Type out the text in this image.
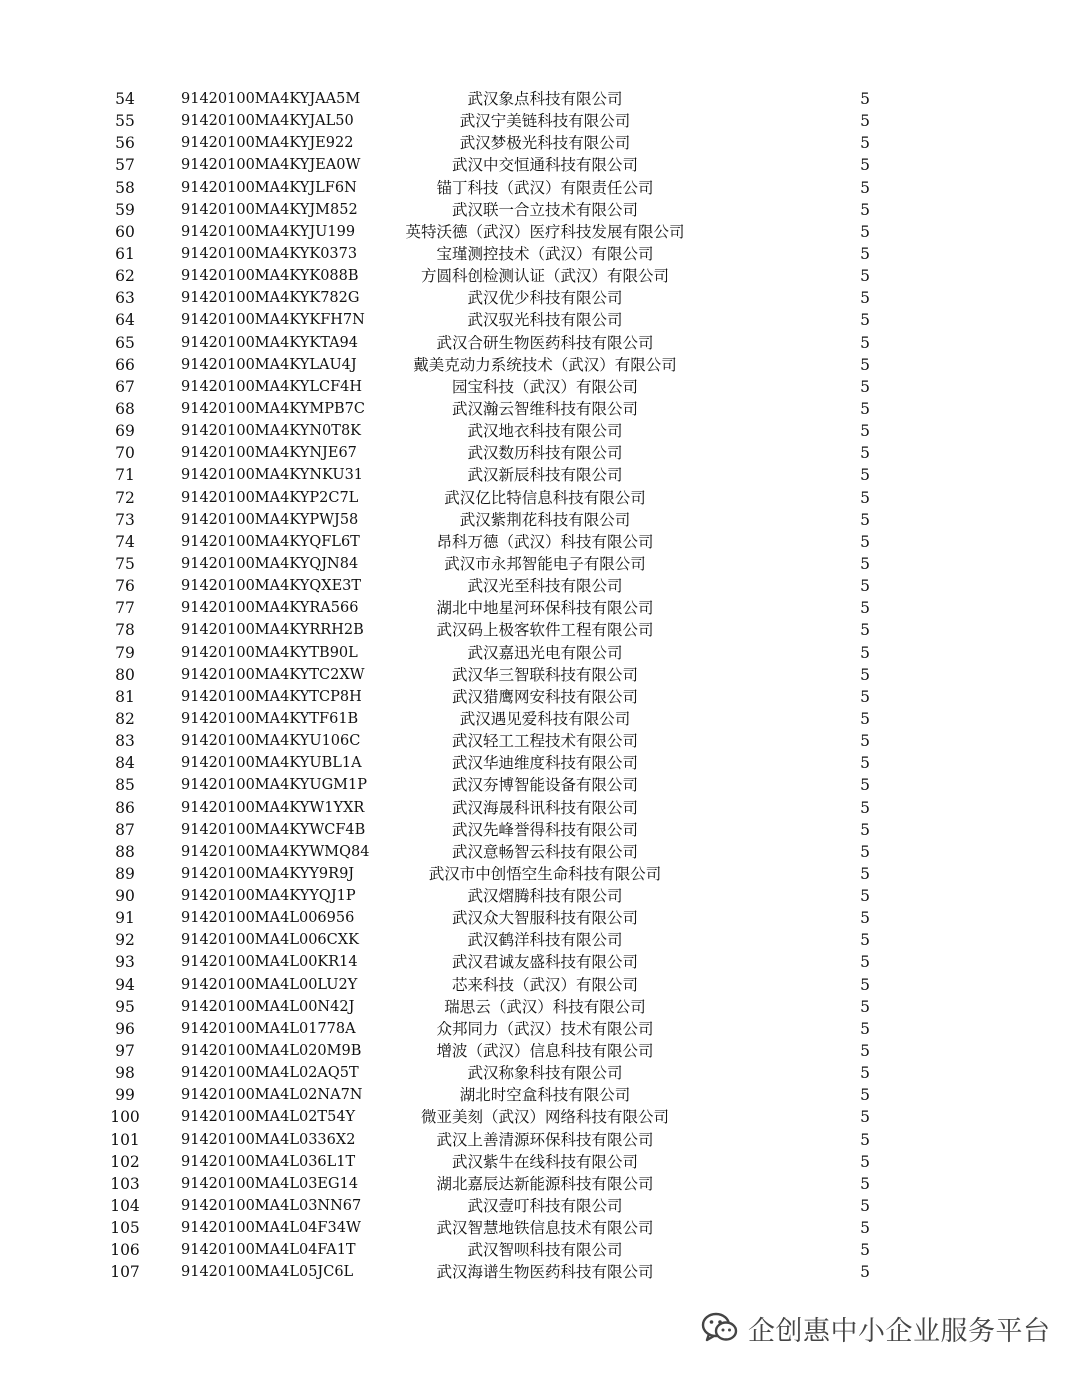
54	91420100MA4KYJAA5M	武汉象点科技有限公司	5
55	91420100MA4KYJAL50	武汉宁美链科技有限公司	5
56	91420100MA4KYJE922	武汉梦极光科技有限公司	5
57	91420100MA4KYJEA0W	武汉中交恒通科技有限公司	5
58	91420100MA4KYJLF6N	锚丁科技（武汉）有限责任公司	5
59	91420100MA4KYJM852	武汉联一合立技术有限公司	5
60	91420100MA4KYJU199	英特沃德（武汉）医疗科技发展有限公司	5
61	91420100MA4KYK0373	宝瑾测控技术（武汉）有限公司	5
62	91420100MA4KYK088B	方圆科创检测认证（武汉）有限公司	5
63	91420100MA4KYK782G	武汉优少科技有限公司	5
64	91420100MA4KYKFH7N	武汉驭光科技有限公司	5
65	91420100MA4KYKTA94	武汉合研生物医药科技有限公司	5
66	91420100MA4KYLAU4J	戴美克动力系统技术（武汉）有限公司	5
67	91420100MA4KYLCF4H	园宝科技（武汉）有限公司	5
68	91420100MA4KYMPB7C	武汉瀚云智维科技有限公司	5
69	91420100MA4KYN0T8K	武汉地衣科技有限公司	5
70	91420100MA4KYNJE67	武汉数历科技有限公司	5
71	91420100MA4KYNKU31	武汉新辰科技有限公司	5
72	91420100MA4KYP2C7L	武汉亿比特信息科技有限公司	5
73	91420100MA4KYPWJ58	武汉紫荆花科技有限公司	5
74	91420100MA4KYQFL6T	昂科万德（武汉）科技有限公司	5
75	91420100MA4KYQJN84	武汉市永邦智能电子有限公司	5
76	91420100MA4KYQXE3T	武汉光至科技有限公司	5
77	91420100MA4KYRA566	湖北中地星河环保科技有限公司	5
78	91420100MA4KYRRH2B	武汉码上极客软件工程有限公司	5
79	91420100MA4KYTB90L	武汉嘉迅光电有限公司	5
80	91420100MA4KYTC2XW	武汉华三智联科技有限公司	5
81	91420100MA4KYTCP8H	武汉猎鹰网安科技有限公司	5
82	91420100MA4KYTF61B	武汉遇见爱科技有限公司	5
83	91420100MA4KYU106C	武汉轻工工程技术有限公司	5
84	91420100MA4KYUBL1A	武汉华迪维度科技有限公司	5
85	91420100MA4KYUGM1P	武汉夯博智能设备有限公司	5
86	91420100MA4KYW1YXR	武汉海晟科讯科技有限公司	5
87	91420100MA4KYWCF4B	武汉先峰誉得科技有限公司	5
88	91420100MA4KYWMQ84	武汉意畅智云科技有限公司	5
89	91420100MA4KYY9R9J	武汉市中创悟空生命科技有限公司	5
90	91420100MA4KYYQJ1P	武汉熠腾科技有限公司	5
91	91420100MA4L006956	武汉众大智服科技有限公司	5
92	91420100MA4L006CXK	武汉鹤洋科技有限公司	5
93	91420100MA4L00KR14	武汉君诚友盛科技有限公司	5
94	91420100MA4L00LU2Y	芯来科技（武汉）有限公司	5
95	91420100MA4L00N42J	瑞思云（武汉）科技有限公司	5
96	91420100MA4L01778A	众邦同力（武汉）技术有限公司	5
97	91420100MA4L020M9B	增波（武汉）信息科技有限公司	5
98	91420100MA4L02AQ5T	武汉称象科技有限公司	5
99	91420100MA4L02NA7N	湖北时空盒科技有限公司	5
100	91420100MA4L02T54Y	微亚美刻（武汉）网络科技有限公司	5
101	91420100MA4L0336X2	武汉上善清源环保科技有限公司	5
102	91420100MA4L036L1T	武汉紫牛在线科技有限公司	5
103	91420100MA4L03EG14	湖北嘉辰达新能源科技有限公司	5
104	91420100MA4L03NN67	武汉壹叮科技有限公司	5
105	91420100MA4L04F34W	武汉智慧地铁信息技术有限公司	5
106	91420100MA4L04FA1T	武汉智呗科技有限公司	5
107	91420100MA4L05JC6L	武汉海谱生物医药科技有限公司	5
企创惠中小企业服务平台
